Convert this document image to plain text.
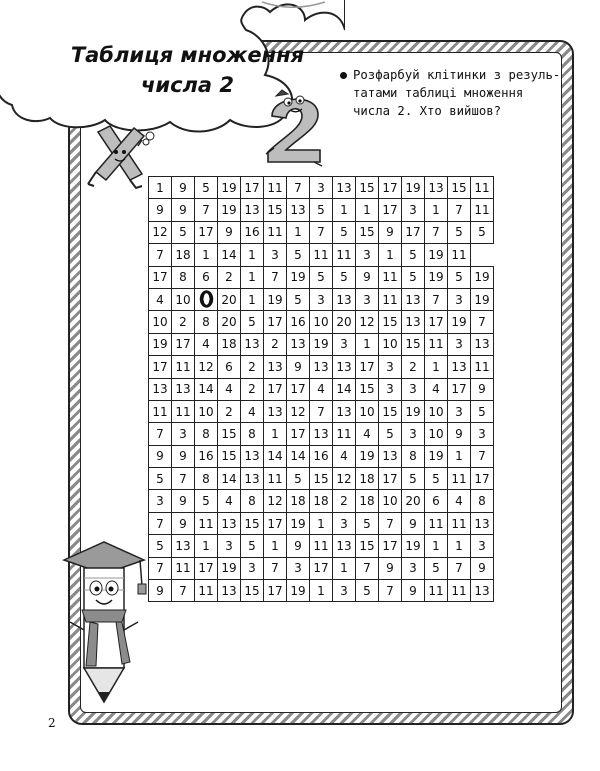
Таблиця множення
числа 2	Розфарбуй клітинки з резуль-
татами таблиці множення
числа 2. Хто вийшов?
1	9	5	19	17	11	7	3	13	15	17	19	13	15	11
9	9	7	19	13	15	13	5	1	1	17	3	1	7	11
12	5	17	9	16	11	1	7	5	15	9	17	7	5	5
7	18	1	14	1	3	5	11	11	3	1	5	19	11	
17	8	6	2	1	7	19	5	5	9	11	5	19	5	19
4	10		20	1	19	5	3	13	3	11	13	7	3	19
10	2	8	20	5	17	16	10	20	12	15	13	17	19	7
19	17	4	18	13	2	13	19	3	1	10	15	11	3	13
17	11	12	6	2	13	9	13	13	17	3	2	1	13	11
13	13	14	4	2	17	17	4	14	15	3	3	4	17	9
11	11	10	2	4	13	12	7	13	10	15	19	10	3	5
7	3	8	15	8	1	17	13	11	4	5	3	10	9	3
9	9	16	15	13	14	14	16	4	19	13	8	19	1	7
5	7	8	14	13	11	5	15	12	18	17	5	5	11	17
3	9	5	4	8	12	18	18	2	18	10	20	6	4	8
7	9	11	13	15	17	19	1	3	5	7	9	11	11	13
5	13	1	3	5	1	9	11	13	15	17	19	1	1	3
7	11	17	19	3	7	3	17	1	7	9	3	5	7	9
9	7	11	13	15	17	19	1	3	5	7	9	11	11	13
2
